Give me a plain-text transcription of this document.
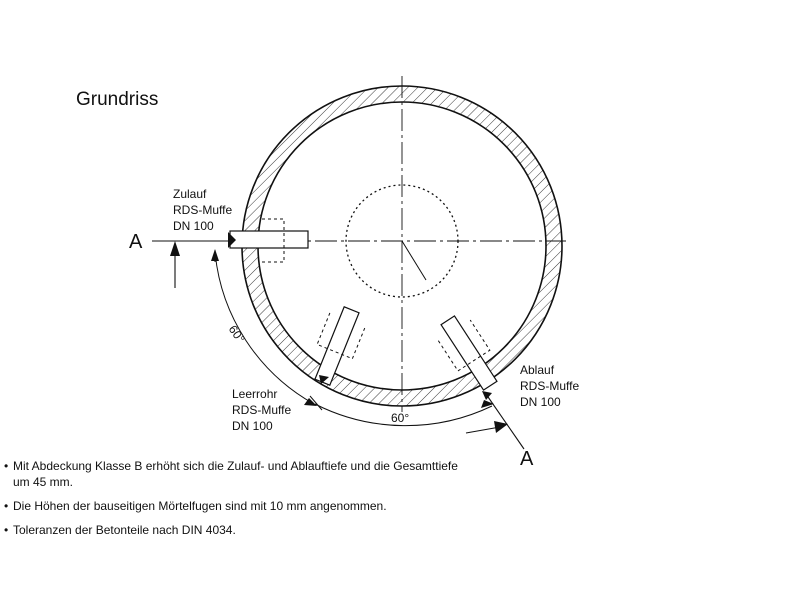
Grundriss
Zulauf
RDS-Muffe
DN 100
Leerrohr
RDS-Muffe
DN 100
Ablauf
RDS-Muffe
DN 100
60°
60°
A
A
• Mit Abdeckung Klasse B erhöht sich die Zulauf- und Ablauftiefe und die Gesamttiefe um 45 mm.
• Die Höhen der bauseitigen Mörtelfugen sind mit 10 mm angenommen.
• Toleranzen der Betonteile nach DIN 4034.
